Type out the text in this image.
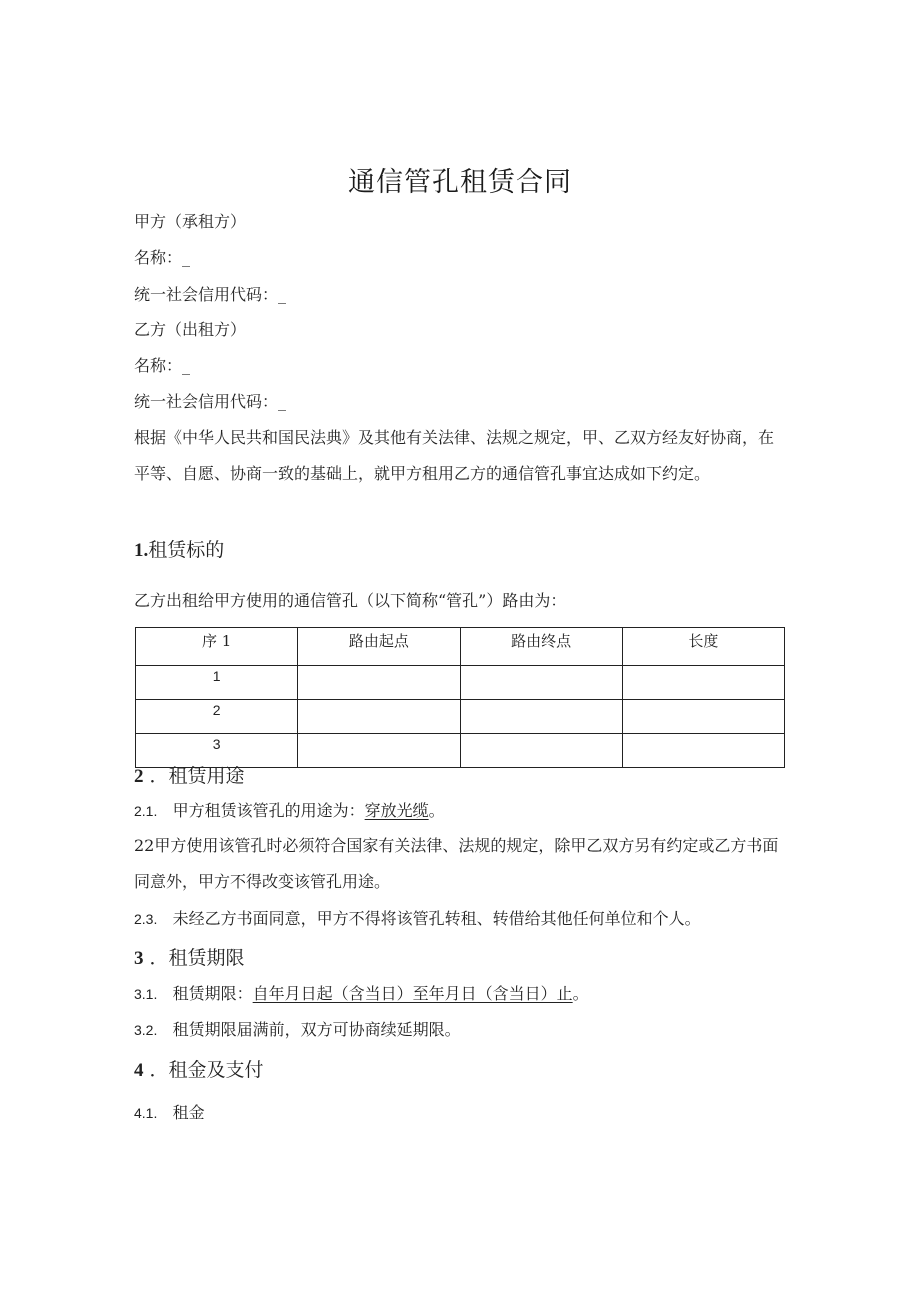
通信管孔租赁合同
甲方（承租方）
名称：_
统一社会信用代码：_
乙方（出租方）
名称：_
统一社会信用代码：_
根据《中华人民共和国民法典》及其他有关法律、法规之规定，甲、乙双方经友好协商，在平等、自愿、协商一致的基础上，就甲方租用乙方的通信管孔事宜达成如下约定。
1.租赁标的
乙方出租给甲方使用的通信管孔（以下简称“管孔”）路由为：
序 1	路由起点	路由终点	长度
1			
2			
3			
2 ．租赁用途
2.1. 甲方租赁该管孔的用途为：穿放光缆。
22甲方使用该管孔时必须符合国家有关法律、法规的规定，除甲乙双方另有约定或乙方书面同意外，甲方不得改变该管孔用途。
2.3. 未经乙方书面同意，甲方不得将该管孔转租、转借给其他任何单位和个人。
3 ．租赁期限
3.1. 租赁期限：自年月日起（含当日）至年月日（含当日）止。
3.2. 租赁期限届满前，双方可协商续延期限。
4 ．租金及支付
4.1. 租金
